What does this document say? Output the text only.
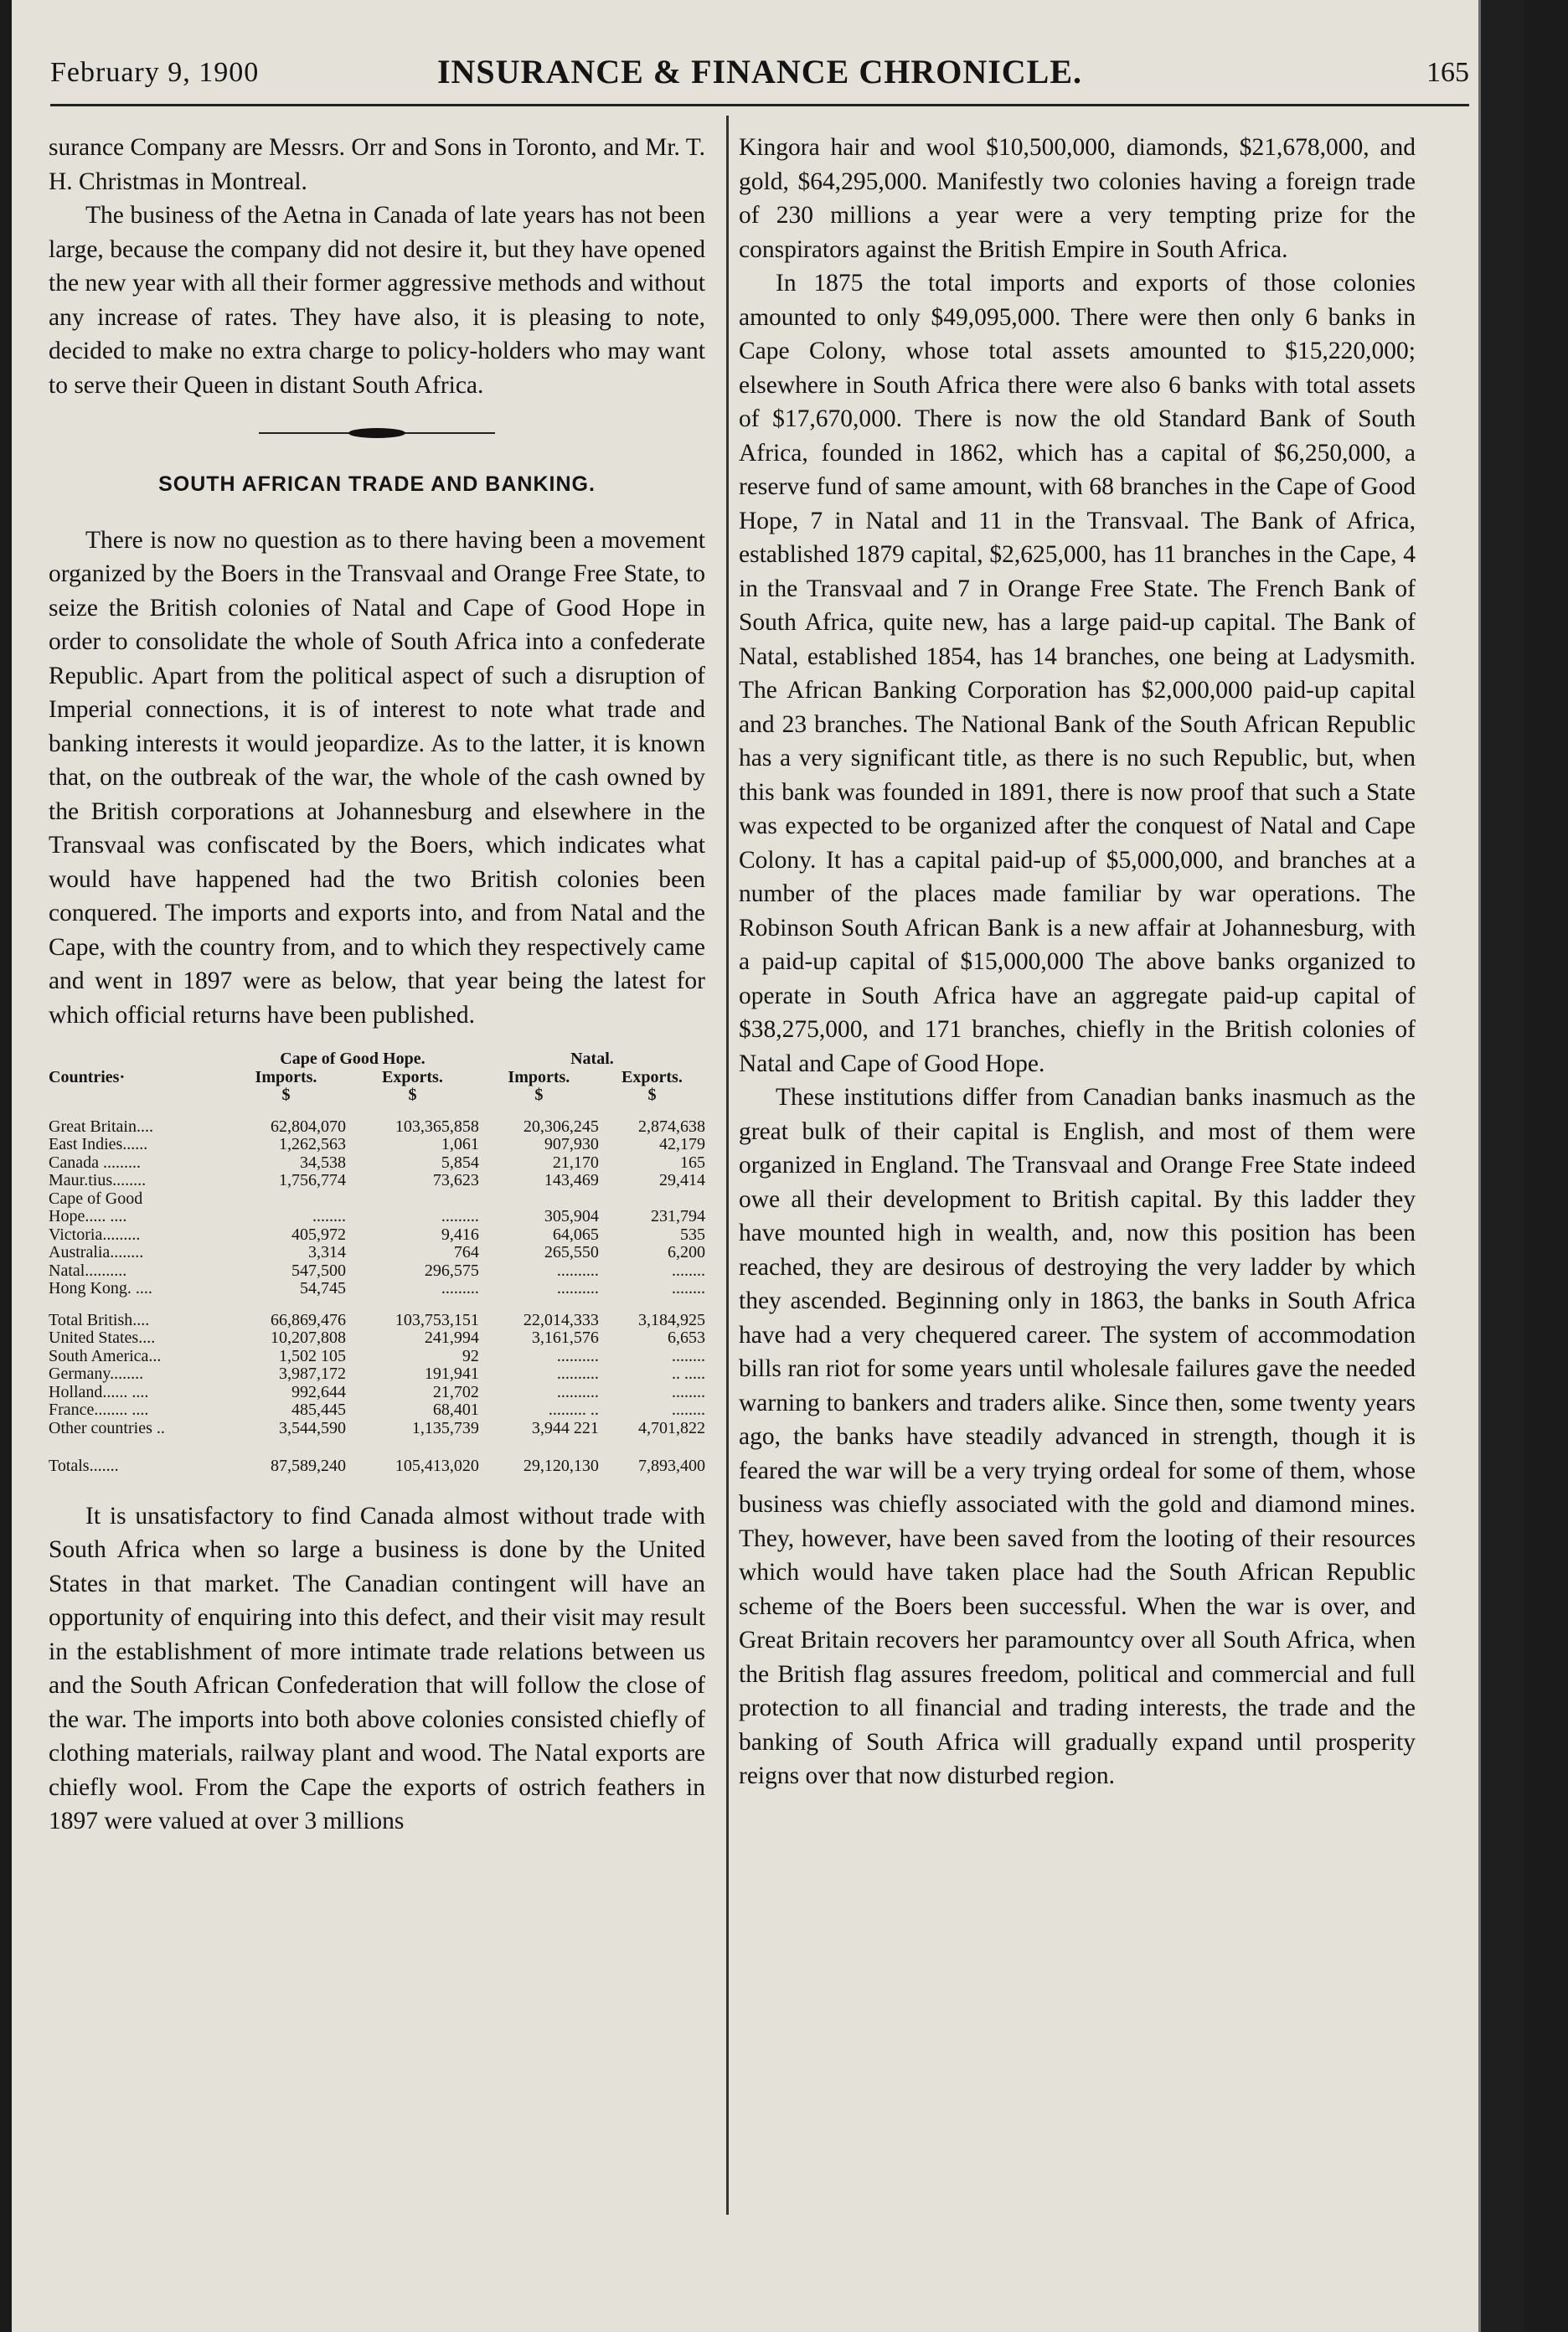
February 9, 1900	INSURANCE & FINANCE CHRONICLE.	165

surance Company are Messrs. Orr and Sons in Toronto, and Mr. T. H. Christmas in Montreal.

The business of the Aetna in Canada of late years has not been large, because the company did not desire it, but they have opened the new year with all their former aggressive methods and without any increase of rates. They have also, it is pleasing to note, decided to make no extra charge to policy-holders who may want to serve their Queen in distant South Africa.

SOUTH AFRICAN TRADE AND BANKING.

There is now no question as to there having been a movement organized by the Boers in the Transvaal and Orange Free State, to seize the British colonies of Natal and Cape of Good Hope in order to consolidate the whole of South Africa into a confederate Republic. Apart from the political aspect of such a disruption of Imperial connections, it is of interest to note what trade and banking interests it would jeopardize. As to the latter, it is known that, on the outbreak of the war, the whole of the cash owned by the British corporations at Johannesburg and elsewhere in the Transvaal was confiscated by the Boers, which indicates what would have happened had the two British colonies been conquered. The imports and exports into, and from Natal and the Cape, with the country from, and to which they respectively came and went in 1897 were as below, that year being the latest for which official returns have been published.

	Cape of Good Hope.		Natal.	
Countries·	Imports.	Exports.	Imports.	Exports.
	$	$	$	$

Great Britain....	62,804,070	103,365,858	20,306,245	2,874,638
East Indies......	1,262,563	1,061	907,930	42,179
Canada .........	34,538	5,854	21,170	165
Maur.tius........	1,756,774	73,623	143,469	29,414
Cape of Good				
Hope..... ....	........	.........	305,904	231,794
Victoria.........	405,972	9,416	64,065	535
Australia........	3,314	764	265,550	6,200
Natal..........	547,500	296,575	..........	........
Hong Kong. ....	54,745	.........	..........	........

Total British....	66,869,476	103,753,151	22,014,333	3,184,925
United States....	10,207,808	241,994	3,161,576	6,653
South America...	1,502 105	92	..........	........
Germany........	3,987,172	191,941	..........	.. .....
Holland...... ....	992,644	21,702	..........	........
France........ ....	485,445	68,401	......... ..	........
Other countries ..	3,544,590	1,135,739	3,944 221	4,701,822

Totals.......	87,589,240	105,413,020	29,120,130	7,893,400

It is unsatisfactory to find Canada almost without trade with South Africa when so large a business is done by the United States in that market. The Canadian contingent will have an opportunity of enquiring into this defect, and their visit may result in the establishment of more intimate trade relations between us and the South African Confederation that will follow the close of the war. The imports into both above colonies consisted chiefly of clothing materials, railway plant and wood. The Natal exports are chiefly wool. From the Cape the exports of ostrich feathers in 1897 were valued at over 3 millions

Kingora hair and wool $10,500,000, diamonds, $21,678,000, and gold, $64,295,000. Manifestly two colonies having a foreign trade of 230 millions a year were a very tempting prize for the conspirators against the British Empire in South Africa.

In 1875 the total imports and exports of those colonies amounted to only $49,095,000. There were then only 6 banks in Cape Colony, whose total assets amounted to $15,220,000; elsewhere in South Africa there were also 6 banks with total assets of $17,670,000. There is now the old Standard Bank of South Africa, founded in 1862, which has a capital of $6,250,000, a reserve fund of same amount, with 68 branches in the Cape of Good Hope, 7 in Natal and 11 in the Transvaal. The Bank of Africa, established 1879 capital, $2,625,000, has 11 branches in the Cape, 4 in the Transvaal and 7 in Orange Free State. The French Bank of South Africa, quite new, has a large paid-up capital. The Bank of Natal, established 1854, has 14 branches, one being at Ladysmith. The African Banking Corporation has $2,000,000 paid-up capital and 23 branches. The National Bank of the South African Republic has a very significant title, as there is no such Republic, but, when this bank was founded in 1891, there is now proof that such a State was expected to be organized after the conquest of Natal and Cape Colony. It has a capital paid-up of $5,000,000, and branches at a number of the places made familiar by war operations. The Robinson South African Bank is a new affair at Johannesburg, with a paid-up capital of $15,000,000 The above banks organized to operate in South Africa have an aggregate paid-up capital of $38,275,000, and 171 branches, chiefly in the British colonies of Natal and Cape of Good Hope.

These institutions differ from Canadian banks inasmuch as the great bulk of their capital is English, and most of them were organized in England. The Transvaal and Orange Free State indeed owe all their development to British capital. By this ladder they have mounted high in wealth, and, now this position has been reached, they are desirous of destroying the very ladder by which they ascended. Beginning only in 1863, the banks in South Africa have had a very chequered career. The system of accommodation bills ran riot for some years until wholesale failures gave the needed warning to bankers and traders alike. Since then, some twenty years ago, the banks have steadily advanced in strength, though it is feared the war will be a very trying ordeal for some of them, whose business was chiefly associated with the gold and diamond mines. They, however, have been saved from the looting of their resources which would have taken place had the South African Republic scheme of the Boers been successful. When the war is over, and Great Britain recovers her paramountcy over all South Africa, when the British flag assures freedom, political and commercial and full protection to all financial and trading interests, the trade and the banking of South Africa will gradually expand until prosperity reigns over that now disturbed region.
